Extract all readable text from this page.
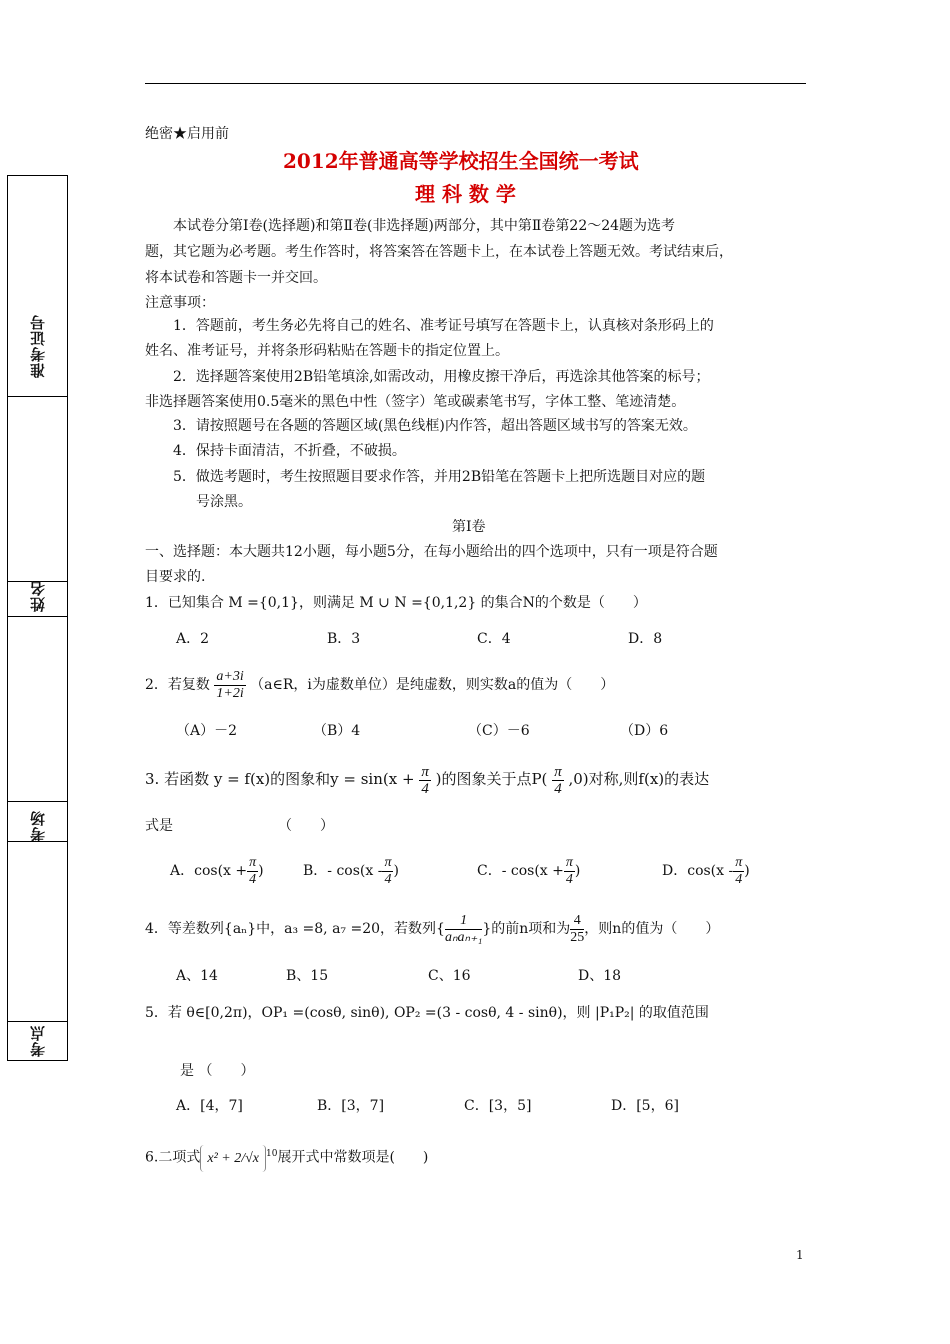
准考证号
姓名
考场
考点
绝密★启用前
2012年普通高等学校招生全国统一考试
理 科 数 学
本试卷分第Ⅰ卷(选择题)和第Ⅱ卷(非选择题)两部分，其中第Ⅱ卷第22～24题为选考
题，其它题为必考题。考生作答时，将答案答在答题卡上，在本试卷上答题无效。考试结束后，
将本试卷和答题卡一并交回。
注意事项：
1．答题前，考生务必先将自己的姓名、准考证号填写在答题卡上，认真核对条形码上的
姓名、准考证号，并将条形码粘贴在答题卡的指定位置上。
2．选择题答案使用2B铅笔填涂,如需改动，用橡皮擦干净后，再选涂其他答案的标号；
非选择题答案使用0.5毫米的黑色中性（签字）笔或碳素笔书写，字体工整、笔迹清楚。
3．请按照题号在各题的答题区域(黑色线框)内作答，超出答题区域书写的答案无效。
4．保持卡面清洁，不折叠，不破损。
5．做选考题时，考生按照题目要求作答，并用2B铅笔在答题卡上把所选题目对应的题
号涂黑。
第Ⅰ卷
一、选择题：本大题共12小题，每小题5分，在每小题给出的四个选项中，只有一项是符合题
目要求的.
1．已知集合 M ={0,1}，则满足 M ∪ N ={0,1,2} 的集合N的个数是（　　）
A．2	B．3	C．4	D．8
2．若复数 $\frac{a+3i}{1+2i}$ （a∈R，i为虚数单位）是纯虚数，则实数a的值为（　　）
（A）－2	（B）4	（C）－6	（D）6
3. 若函数 y = f(x)的图象和$y = \sin(x + \frac{\pi}{4}$ )的图象关于点$P( \frac{\pi}{4} ,0)$对称,则f(x)的表达
式是　　　　　　　　（　　）
A．$\cos(x + \frac{\pi}{4}$ )	B．- $\cos(x - \frac{\pi}{4}$ )	C．- $\cos(x + \frac{\pi}{4}$ )	D．$\cos(x - \frac{\pi}{4}$ )
4．等差数列{aₙ}中，a₃ =8, a₇ =20，若数列{ $\frac{1}{\text{aₙaₙ₊₁}}$ }的前n项和为 $\frac{4}{25}$ ，则n的值为（　　）
A、14	B、15	C、16	D、18
5．若 θ∈[0,2π)，OP₁ =(cosθ, sinθ), OP₂ =(3 - cosθ, 4 - sinθ)，则 |P₁P₂| 的取值范围
是 （　　）
A．[4，7]	B．[3，7]	C．[3，5]	D．[5，6]
6.二项式 x² + 2/√x $^{10}$展开式中常数项是(　　)
1
